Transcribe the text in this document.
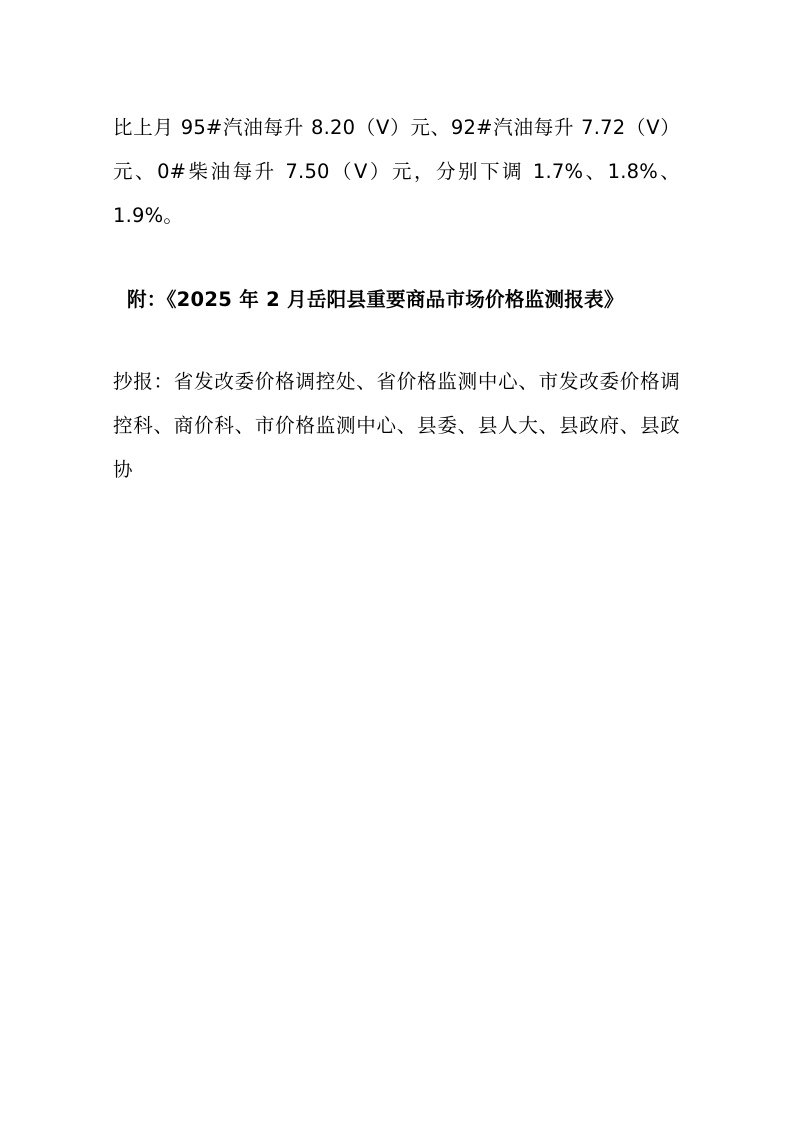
比上月 95#汽油每升 8.20（V）元、92#汽油每升 7.72（V）元、0#柴油每升 7.50（V）元，分别下调 1.7%、1.8%、1.9%。

附：《2025 年 2 月岳阳县重要商品市场价格监测报表》

抄报：省发改委价格调控处、省价格监测中心、市发改委价格调控科、商价科、市价格监测中心、县委、县人大、县政府、县政协
